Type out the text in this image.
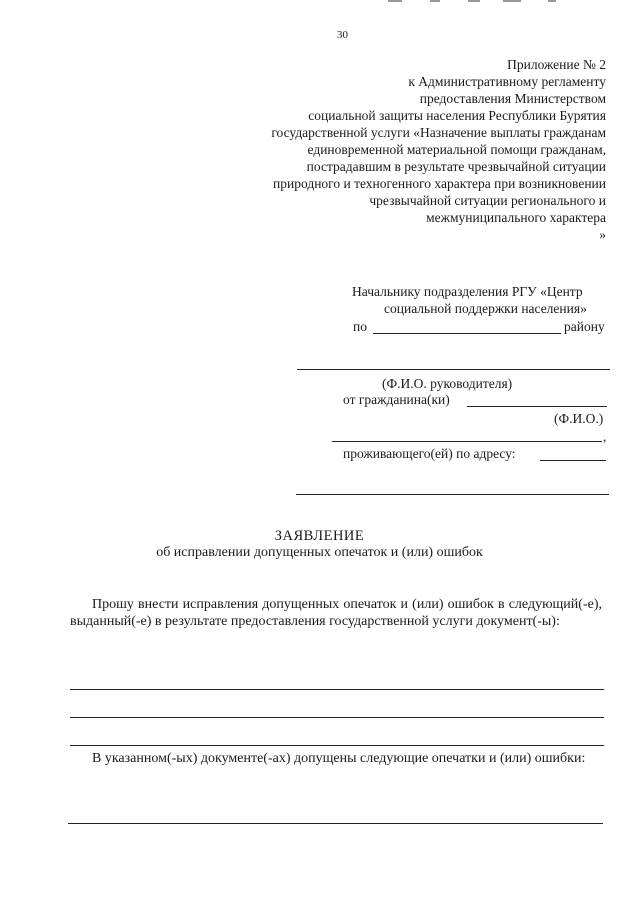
30
Приложение № 2
к Административному регламенту
предоставления Министерством
социальной защиты населения Республики Бурятия
государственной услуги «Назначение выплаты гражданам
единовременной материальной помощи гражданам,
пострадавшим в результате чрезвычайной ситуации
природного и техногенного характера при возникновении
чрезвычайной ситуации регионального и
межмуниципального характера
»
Начальнику подразделения РГУ «Центр
социальной поддержки населения»
по	району
(Ф.И.О. руководителя)
от гражданина(ки)
(Ф.И.О.)
,
проживающего(ей) по адресу:
ЗАЯВЛЕНИЕ
об исправлении допущенных опечаток и (или) ошибок
Прошу внести исправления допущенных опечаток и (или) ошибок в следующий(-е), выданный(-е) в результате предоставления государственной услуги документ(-ы):
В указанном(-ых) документе(-ах) допущены следующие опечатки и (или) ошибки:
